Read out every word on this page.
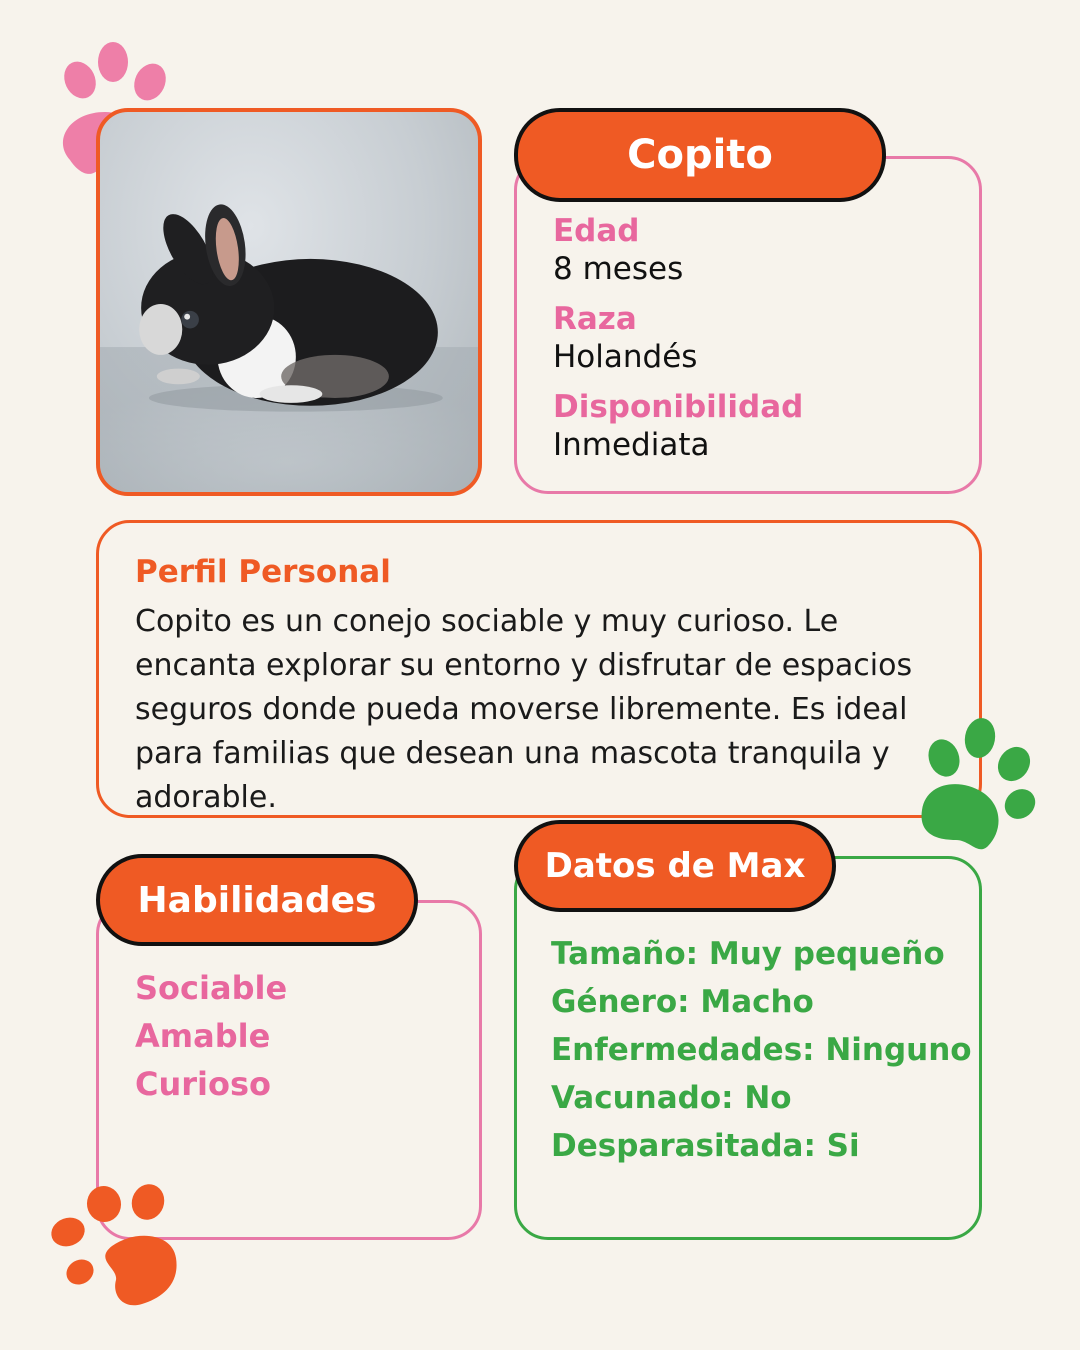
Copito

Edad

8 meses

Raza

Holandés

Disponibilidad

Inmediata

Perfil Personal
Copito es un conejo sociable y muy curioso. Le
encanta explorar su entorno y disfrutar de espacios
seguros donde pueda moverse libremente. Es ideal
para familias que desean una mascota tranquila y
adorable.
Habilidades
Sociable
Amable
Curioso
Datos de Max
Tamaño: Muy pequeño
Género: Macho
Enfermedades: Ninguno
Vacunado: No
Desparasitada: Si
